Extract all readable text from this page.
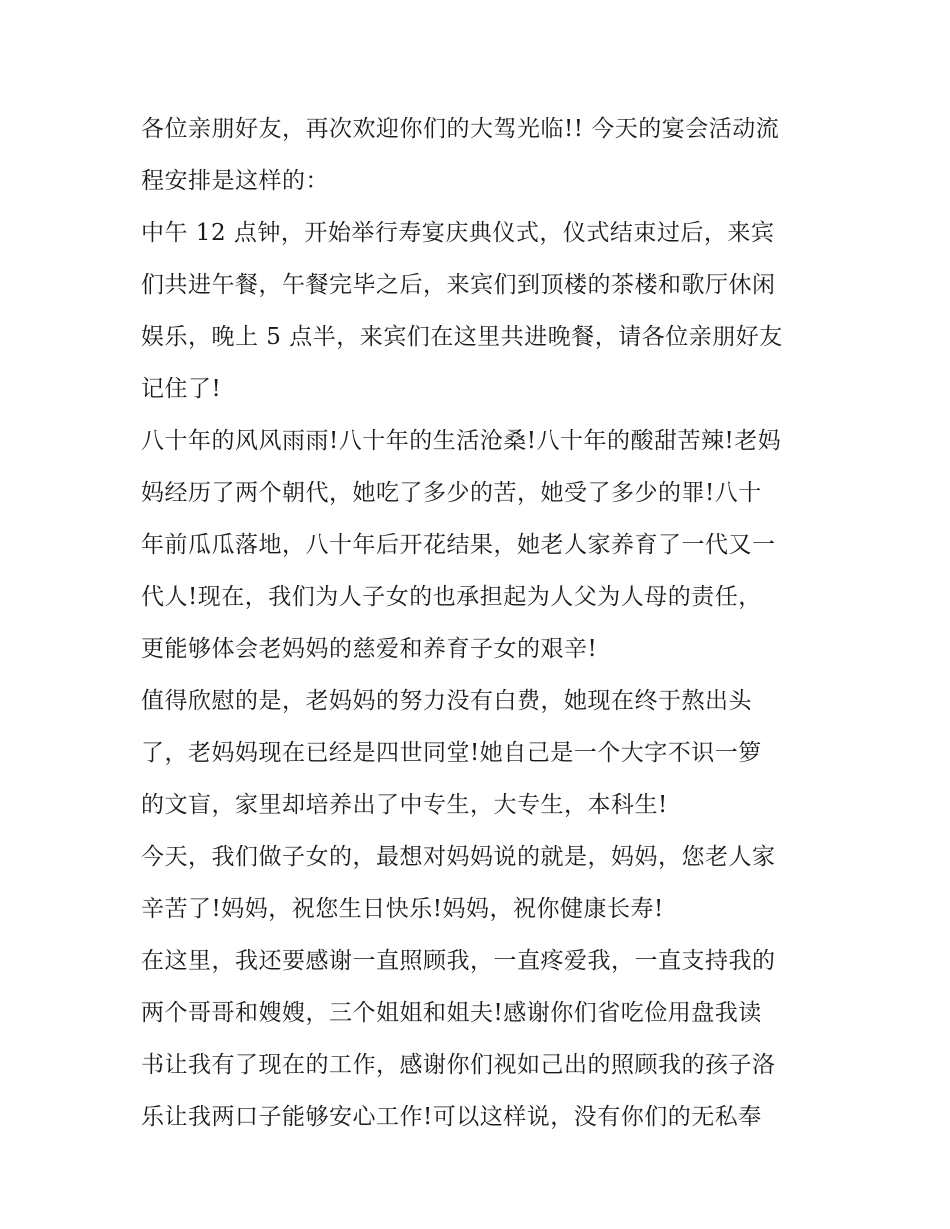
各位亲朋好友，再次欢迎你们的大驾光临!! 今天的宴会活动流
程安排是这样的：
中午 12 点钟，开始举行寿宴庆典仪式，仪式结束过后，来宾
们共进午餐，午餐完毕之后，来宾们到顶楼的茶楼和歌厅休闲
娱乐，晚上 5 点半，来宾们在这里共进晚餐，请各位亲朋好友
记住了!
八十年的风风雨雨!八十年的生活沧桑!八十年的酸甜苦辣!老妈
妈经历了两个朝代，她吃了多少的苦，她受了多少的罪!八十
年前瓜瓜落地，八十年后开花结果，她老人家养育了一代又一
代人!现在，我们为人子女的也承担起为人父为人母的责任，
更能够体会老妈妈的慈爱和养育子女的艰辛!
值得欣慰的是，老妈妈的努力没有白费，她现在终于熬出头
了，老妈妈现在已经是四世同堂!她自己是一个大字不识一箩
的文盲，家里却培养出了中专生，大专生，本科生!
今天，我们做子女的，最想对妈妈说的就是，妈妈，您老人家
辛苦了!妈妈，祝您生日快乐!妈妈，祝你健康长寿!
在这里，我还要感谢一直照顾我，一直疼爱我，一直支持我的
两个哥哥和嫂嫂，三个姐姐和姐夫!感谢你们省吃俭用盘我读
书让我有了现在的工作，感谢你们视如己出的照顾我的孩子洛
乐让我两口子能够安心工作!可以这样说，没有你们的无私奉
